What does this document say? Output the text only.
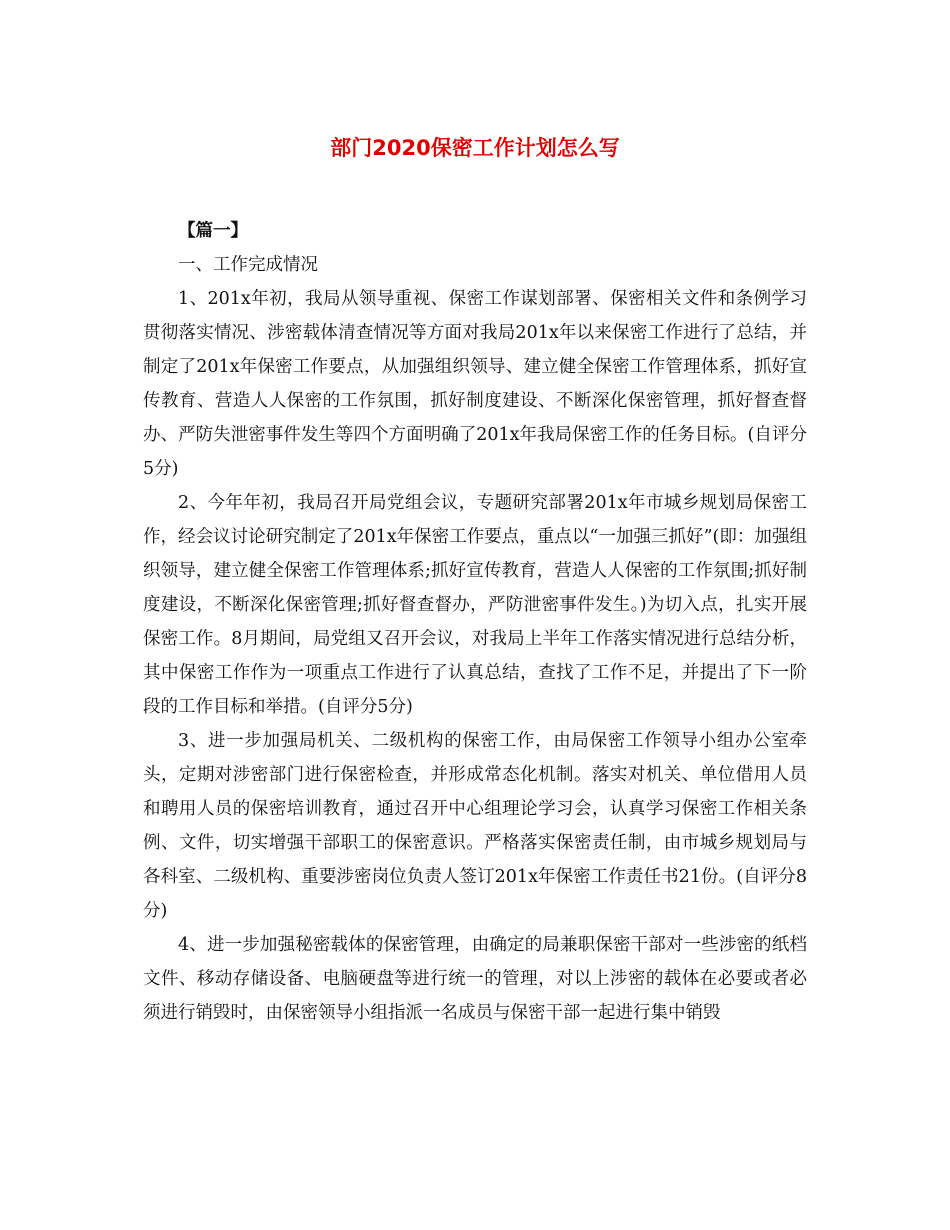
部门2020保密工作计划怎么写

【篇一】

一、工作完成情况

1、201x年初，我局从领导重视、保密工作谋划部署、保密相关文件和条例学习贯彻落实情况、涉密载体清查情况等方面对我局201x年以来保密工作进行了总结，并制定了201x年保密工作要点，从加强组织领导、建立健全保密工作管理体系，抓好宣传教育、营造人人保密的工作氛围，抓好制度建设、不断深化保密管理，抓好督查督办、严防失泄密事件发生等四个方面明确了201x年我局保密工作的任务目标。(自评分5分)

2、今年年初，我局召开局党组会议，专题研究部署201x年市城乡规划局保密工作，经会议讨论研究制定了201x年保密工作要点，重点以“一加强三抓好”(即：加强组织领导，建立健全保密工作管理体系;抓好宣传教育，营造人人保密的工作氛围;抓好制度建设，不断深化保密管理;抓好督查督办，严防泄密事件发生。)为切入点，扎实开展保密工作。8月期间，局党组又召开会议，对我局上半年工作落实情况进行总结分析，其中保密工作作为一项重点工作进行了认真总结，查找了工作不足，并提出了下一阶段的工作目标和举措。(自评分5分)

3、进一步加强局机关、二级机构的保密工作，由局保密工作领导小组办公室牵头，定期对涉密部门进行保密检查，并形成常态化机制。落实对机关、单位借用人员和聘用人员的保密培训教育，通过召开中心组理论学习会，认真学习保密工作相关条例、文件，切实增强干部职工的保密意识。严格落实保密责任制，由市城乡规划局与各科室、二级机构、重要涉密岗位负责人签订201x年保密工作责任书21份。(自评分8分)

4、进一步加强秘密载体的保密管理，由确定的局兼职保密干部对一些涉密的纸档文件、移动存储设备、电脑硬盘等进行统一的管理，对以上涉密的载体在必要或者必须进行销毁时，由保密领导小组指派一名成员与保密干部一起进行集中销毁
